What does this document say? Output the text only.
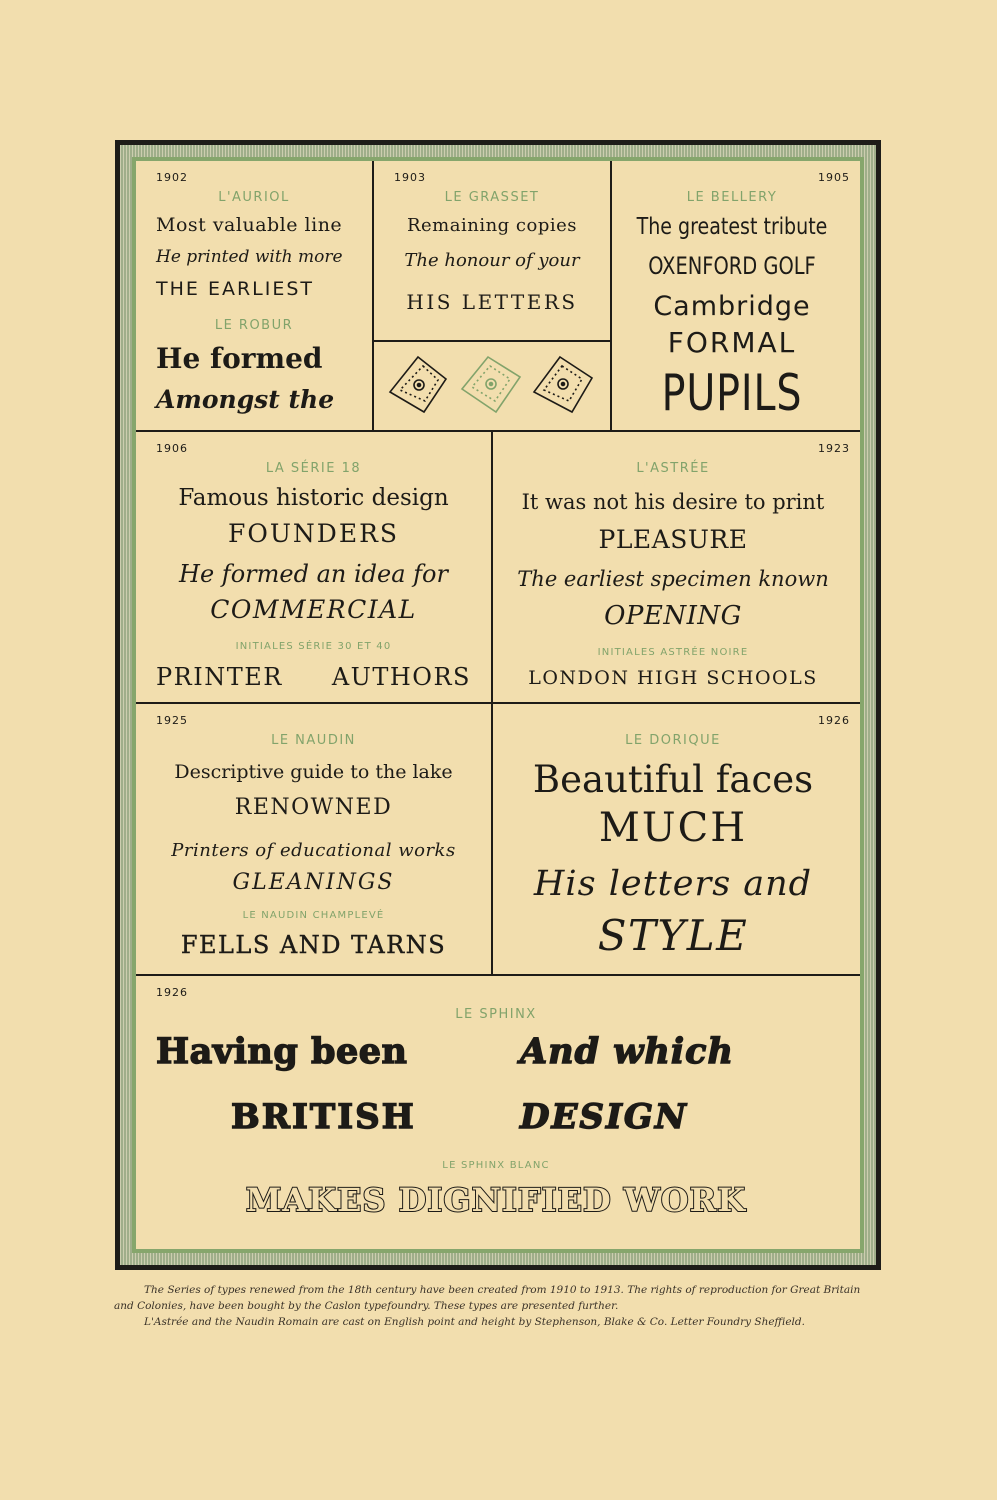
1902

L'AURIOL

Most valuable line

He printed with more

THE EARLIEST

LE ROBUR

He formed

Amongst the

1903

LE GRASSET

Remaining copies

The honour of your

HIS LETTERS

1905

LE BELLERY

The greatest tribute

OXENFORD GOLF

Cambridge

FORMAL

PUPILS

1906

LA SÉRIE 18

Famous historic design

FOUNDERS

He formed an idea for

COMMERCIAL

INITIALES SÉRIE 30 ET 40

PRINTER AUTHORS

1923

L'ASTRÉE

It was not his desire to print

PLEASURE

The earliest specimen known

OPENING

INITIALES ASTRÉE NOIRE

LONDON HIGH SCHOOLS

1925

LE NAUDIN

Descriptive guide to the lake

RENOWNED

Printers of educational works

GLEANINGS

LE NAUDIN CHAMPLEVÉ

FELLS AND TARNS

1926

LE DORIQUE

Beautiful faces

MUCH

His letters and

STYLE

1926

LE SPHINX

Having been	And which

BRITISH	DESIGN

LE SPHINX BLANC

MAKES DIGNIFIED WORK

The Series of types renewed from the 18th century have been created from 1910 to 1913. The rights of reproduction for Great Britain

and Colonies, have been bought by the Caslon typefoundry. These types are presented further.

L'Astrée and the Naudin Romain are cast on English point and height by Stephenson, Blake & Co. Letter Foundry Sheffield.
